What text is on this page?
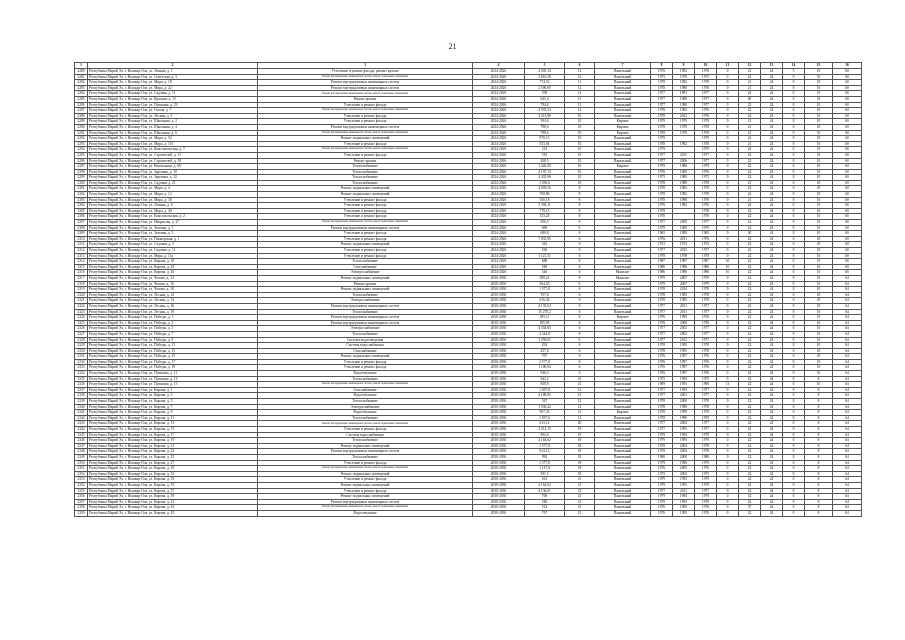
21
1	2	3	4	5	6	7	8	9	10	11	12	13	14	15	16
2280	Республика Марий Эл, г. Йошкар-Ола, ул. Ленина, д. 1	Утепление и ремонт фасада, ремонт кровли	2024-2026	4 005,14	12	Панельный	1976	1982	1976	0	22	24	5	10	60
2281	Республика Марий Эл, г. Йошкар-Ола, ул. Советская, д. 3	Ремонт внутридомовых инженерных систем, ремонт подвальных помещений	2024-2026	3 616,58	12	Панельный	1975	1978	1975	0	22	24	0	10	60
2282	Республика Марий Эл, г. Йошкар-Ола, ул. Мира, д. 18	Ремонт внутридомовых инженерных систем	2024-2026	774,52	11	Панельный	1978	1982	1978	0	21	24	0	10	60
2283	Республика Марий Эл, г. Йошкар-Ола, ул. Мира, д. 22	Ремонт внутридомовых инженерных систем	2024-2026	2 500,00	12	Панельный	1978	1980	1978	0	21	24	0	10	60
2284	Республика Марий Эл, г. Йошкар-Ола, ул. Садовая, д. 11	Ремонт внутридомовых инженерных систем, ремонт подвальных помещений	2024-2026	558	12	Панельный	1977	1981	1977	0	22	24	0	10	60
2285	Республика Марий Эл, г. Йошкар-Ола, ул. Красная, д. 15	Ремонт кровли	2024-2026	645,4	11	Панельный	1977	1980	1977	0	40	24	0	10	60
2286	Республика Марий Эл, г. Йошкар-Ола, ул. Пушкина, д. 23	Утепление и ремонт фасада	2024-2026	794,6	11	Панельный	1977	1980	1977	0	22	24	0	10	60
2287	Республика Марий Эл, г. Йошкар-Ола, ул. Гоголя, д. 7	Ремонт внутридомовых инженерных систем, ремонт подвальных помещений	2024-2026	4 935,54	12	Панельный	1976	1982	1976	0	22	24	0	10	60
2288	Республика Марий Эл, г. Йошкар-Ола, ул. Лесная, д. 5	Утепление и ремонт фасада	2024-2026	3 313,96	10	Панельный	1978	2012	1978	0	22	24	0	10	60
2289	Республика Марий Эл, г. Йошкар-Ола, ул. Школьная, д. 2	Утепление и ремонт фасада	2024-2026	394,6	10	Кирпич	1979	1979	1979	0	21	24	0	10	60
2290	Республика Марий Эл, г. Йошкар-Ола, ул. Школьная, д. 4	Ремонт внутридомовых инженерных систем	2024-2026	798,6	10	Кирпич	1978	1978	1978	0	21	24	0	10	60
2291	Республика Марий Эл, г. Йошкар-Ола, ул. Школьная, д. 6	Ремонт внутридомовых инженерных систем, ремонт подвальных помещений	2024-2026	798,6	10	Кирпич	1978	1978	1978	0	21	24	0	10	60
2292	Республика Марий Эл, г. Йошкар-Ола, ул. Мира, д. 52	Ремонт подвальных помещений	2024-2026	870,15	10	Панельный	1979		1979	0	22	24	0	10	60
2293	Республика Марий Эл, г. Йошкар-Ола, ул. Мира, д. 11б	Утепление и ремонт фасада	2024-2026	553,04	10	Панельный	1978	1982	1978	0	21	24	0	10	60
2294	Республика Марий Эл, г. Йошкар-Ола, ул. Комсомольская, д. 7	Ремонт внутридомовых инженерных систем, ремонт подвальных помещений	2024-2026	213	10	Панельный	1979		1979	0	22	24	0	10	60
2295	Республика Марий Эл, г. Йошкар-Ола, ул. Строителей, д. 11	Утепление и ремонт фасада	2024-2026	519	10	Панельный	1977	2015	1977	0	22	24	0	10	60
2296	Республика Марий Эл, г. Йошкар-Ола, ул. Строителей, д. 18	Ремонт кровли	2024-2026	208,5	10	Панельный	1977	2006	1977	0	22	24	0	10	60
2297	Республика Марий Эл, г. Йошкар-Ола, ул. Вокзальная, д. 69	Теплоснабжение	2024-2026	1 426,45	10	Кирпич	1979	1986	1979	0	22	24	0	10	60
2298	Республика Марий Эл, г. Йошкар-Ола, ул. Заречная, д. 10	Теплоснабжение	2024-2026	4 197,13	10	Панельный	1976	1985	1976	0	22	24	0	10	60
2299	Республика Марий Эл, г. Йошкар-Ола, ул. Заречная, д. 12	Теплоснабжение	2024-2026	4 435,96	10	Панельный	1975	1985	1975	0	22	24	0	10	60
2300	Республика Марий Эл, г. Йошкар-Ола, ул. Садовая, д. 21	Теплоснабжение	2024-2026	1 056,6	10	Панельный	1978	1988	1978	0	21	24	0	10	60
2301	Республика Марий Эл, г. Йошкар-Ола, ул. Мира, д. 4	Ремонт подвальных помещений	2024-2026	4 003,56	8	Панельный	1978	1982	1978	0	22	24	0	10	60
2302	Республика Марий Эл, г. Йошкар-Ола, ул. Мира, д. 12	Ремонт подвальных помещений	2024-2026	700,86	8	Панельный	1978	1982	1978	0	22	24	0	10	60
2303	Республика Марий Эл, г. Йошкар-Ола, ул. Мира, д. 30	Утепление и ремонт фасада	2024-2026	530,18	8	Панельный	1978	1990	1978	0	21	24	0	10	60
2304	Республика Марий Эл, г. Йошкар-Ола, ул. Ленина, д. 6	Утепление и ремонт фасада	2024-2026	3 394,11	8	Панельный	1976	1982	1976	0	22	24	0	10	60
2305	Республика Марий Эл, г. Йошкар-Ола, ул. Мира, д. 40	Утепление и ремонт фасада	2024-2026	778,15	8	Панельный	1978		1978	0	22	24	0	10	60
2306	Республика Марий Эл, г. Йошкар-Ола, ул. Комсомольская, д. 2	Утепление и ремонт фасада	2024-2026	533,25	8	Панельный	1978		1978	0	22	24	0	10	60
2307	Республика Марий Эл, г. Йошкар-Ола, ул. Некрасова, д. 27	Ремонт внутридомовых инженерных систем, ремонт подвальных помещений	2024-2026	556,5	6	Панельный	1977	2009	1977	0	22	24	0	10	60
2308	Республика Марий Эл, г. Йошкар-Ола, ул. Зеленая, д. 1	Ремонт внутридомовых инженерных систем	2024-2026	690	6	Панельный	1979	1985	1979	0	22	24	0	10	60
2309	Республика Марий Эл, г. Йошкар-Ола, ул. Зеленая, д. 3	Утепление и ремонт фасада	2024-2026	680,8	6	Панельный	1965	1985	1965	0	40	24	0	10	60
2310	Республика Марий Эл, г. Йошкар-Ола, ул. Пионерская, д. 1	Утепление и ремонт фасада	2024-2026	7 033,95	6	Панельный	1976	2011	1976	0	22	24	0	10	60
2311	Республика Марий Эл, г. Йошкар-Ола, ул. Садовая, д. 5	Ремонт подвальных помещений	2024-2026	543	6	Панельный	1972	1972	1972	0	22	24	0	10	60
2312	Республика Марий Эл, г. Йошкар-Ола, ул. Садовая, д. 11	Утепление и ремонт фасада	2024-2026	536	6	Панельный	1977	2015	1977	0	22	24	0	10	60
2313	Республика Марий Эл, г. Йошкар-Ола, ул. Мира, д. 11а	Утепление и ремонт фасада	2024-2026	1 121,31	6	Панельный	1978	1978	1978	0	22	24	0	10	60
2314	Республика Марий Эл, г. Йошкар-Ола, ул. Кирова, д. 20	Теплоснабжение	2024-2026	688	6	Панельный	1987	1987	1987	10	22	24	0	10	60
2315	Республика Марий Эл, г. Йошкар-Ола, ул. Кирова, д. 24	Газоснабжение	2024-2026	548	6	Панельный	1986	1986	1986	10	22	24	0	10	60
2316	Республика Марий Эл, г. Йошкар-Ола, ул. Кирова, д. 26	Электроснабжение	2024-2026	546	6	Монолит	1986	1986	1986	10	22	24	0	10	60
2317	Республика Марий Эл, г. Йошкар-Ола, ул. Чехова, д. 14	Ремонт подвальных помещений	2030-2030	589,21	6	Монолит	1979	2007	1979	0	22	24	0	10	64
2318	Республика Марий Эл, г. Йошкар-Ола, ул. Чехова, д. 16	Ремонт кровли	2030-2030	564,55	6	Панельный	1979	2007	1979	0	22	24	0	10	64
2319	Республика Марий Эл, г. Йошкар-Ола, ул. Чехова, д. 18	Ремонт подвальных помещений	2030-2030	1 577,8	6	Панельный	1978	2014	1978	0	22	24	0	10	64
2320	Республика Марий Эл, г. Йошкар-Ола, ул. Лесная, д. 12	Теплоснабжение	2030-2030	707,6	6	Панельный	1978	1985	1978	0	22	24	0	10	64
2321	Республика Марий Эл, г. Йошкар-Ола, ул. Лесная, д. 14	Электроснабжение	2030-2030	616,42	6	Панельный	1978	1985	1978	0	22	24	0	10	64
2322	Республика Марий Эл, г. Йошкар-Ола, ул. Лесная, д. 16	Ремонт внутридомовых инженерных систем	2030-2030	4 135,63	6	Панельный	1977	2011	1977	0	22	24	0	10	64
2323	Республика Марий Эл, г. Йошкар-Ола, ул. Лесная, д. 18	Теплоснабжение	2030-2030	15 278,2	6	Панельный	1977	2011	1977	0	22	24	0	10	64
2324	Республика Марий Эл, г. Йошкар-Ола, ул. Победы, д. 1	Ремонт внутридомовых инженерных систем	2030-2030	395,11	6	Кирпич	1976	1995	1976	0	22	24	0	10	64
2325	Республика Марий Эл, г. Йошкар-Ола, ул. Победы, д. 3	Ремонт внутридомовых инженерных систем	2030-2030	185,95	6	Панельный	1976	2000	1976	0	22	24	0	10	64
2326	Республика Марий Эл, г. Йошкар-Ола, ул. Победы, д. 5	Электроснабжение	2030-2030	4 334,83	6	Панельный	1977	2002	1977	0	22	24	0	10	64
2327	Республика Марий Эл, г. Йошкар-Ола, ул. Победы, д. 7	Теплоснабжение	2030-2030	4 344,8	6	Панельный	1977	2002	1977	0	22	24	0	10	64
2328	Республика Марий Эл, г. Йошкар-Ола, ул. Победы, д. 9	Система водоотведения	2030-2030	1 558,01	6	Панельный	1977	2012	1977	0	22	24	0	10	64
2329	Республика Марий Эл, г. Йошкар-Ола, ул. Победы, д. 11	Система водоснабжения	2030-2030	292	6	Панельный	1978	1995	1978	0	22	24	0	10	64
2330	Республика Марий Эл, г. Йошкар-Ола, ул. Победы, д. 13	Газоснабжение	2030-2030	257,8	6	Панельный	1978	1995	1978	0	22	24	0	10	64
2331	Республика Марий Эл, г. Йошкар-Ола, ул. Победы, д. 15	Ремонт подвальных помещений	2030-2030	797	6	Панельный	1976	1997	1976	0	22	24	0	10	64
2332	Республика Марий Эл, г. Йошкар-Ола, ул. Победы, д. 17	Утепление и ремонт фасада	2030-2030	2 577,8	6	Панельный	1976	1997	1976	0	22	24	0	10	64
2333	Республика Марий Эл, г. Йошкар-Ола, ул. Победы, д. 19	Утепление и ремонт фасада	2030-2030	1 100,84	6	Панельный	1976	1997	1976	0	22	24	0	10	64
2334	Республика Марий Эл, г. Йошкар-Ола, ул. Пушкина, д. 11	Водоотведение	2030-2030	946,2	6	Панельный	1976	1997	1976	0	22	24	0	10	64
2335	Республика Марий Эл, г. Йошкар-Ола, ул. Пушкина, д. 13	Теплоснабжение	2030-2030	942,2	10	Панельный	1975	1993	1975	0	22	24	0	8	64
2336	Республика Марий Эл, г. Йошкар-Ола, ул. Пушкина, д. 15	Ремонт внутридомовых инженерных систем, ремонт подвальных помещений	2030-2030	838,8	21	Панельный	1969	1991	1969	13	22	24	0	10	64
2337	Республика Марий Эл, г. Йошкар-Ола, ул. Кирова, д. 1	Газоснабжение	2030-2030	1 507,8	12	Панельный	1977	1993	1977	0	22	24	0	8	64
2338	Республика Марий Эл, г. Йошкар-Ола, ул. Кирова, д. 3	Водоотведение	2030-2030	4 188,85	12	Панельный	1977	2001	1977	0	22	24	0	8	64
2339	Республика Марий Эл, г. Йошкар-Ола, ул. Кирова, д. 5	Теплоснабжение	2030-2030	547	12	Панельный	1978	2000	1978	0	22	24	0	8	64
2340	Республика Марий Эл, г. Йошкар-Ола, ул. Кирова, д. 7	Электроснабжение	2030-2030	1 536,42	12	Панельный	1978	1998	1978	0	22	24	0	8	64
2341	Республика Марий Эл, г. Йошкар-Ола, ул. Кирова, д. 9	Водоотведение	2030-2030	907,33	12	Кирпич	1978	1999	1978	0	22	24	0	8	64
2342	Республика Марий Эл, г. Йошкар-Ола, ул. Кирова, д. 11	Теплоснабжение	2030-2030	1 837,6	12	Панельный	1978	1999	1978	0	22	24	0	8	64
2343	Республика Марий Эл, г. Йошкар-Ола, ул. Кирова, д. 13	Ремонт внутридомовых инженерных систем, ремонт подвальных помещений	2030-2030	613,12	20	Панельный	1977	2002	1977	0	22	24	0	8	64
2344	Республика Марий Эл, г. Йошкар-Ола, ул. Кирова, д. 15	Утепление и ремонт фасада	2030-2030	2 212,15	19	Панельный	1977	1993	1977	0	22	24	0	8	64
2345	Республика Марий Эл, г. Йошкар-Ола, ул. Кирова, д. 17	Система водоснабжения	2030-2030	902,6	19	Панельный	1979	1993	1979	0	22	24	0	8	64
2346	Республика Марий Эл, г. Йошкар-Ола, ул. Кирова, д. 19	Теплоснабжение	2030-2030	4 164,62	18	Панельный	1979	1993	1979	0	22	24	0	8	64
2347	Республика Марий Эл, г. Йошкар-Ола, ул. Кирова, д. 21	Ремонт подвальных помещений	2030-2030	1 577,8	18	Панельный	1978	2004	1978	0	22	24	0	8	64
2348	Республика Марий Эл, г. Йошкар-Ола, ул. Кирова, д. 23	Ремонт внутридомовых инженерных систем	2030-2030	613,12	18	Панельный	1978	2004	1978	0	22	24	0	8	64
2349	Республика Марий Эл, г. Йошкар-Ола, ул. Кирова, д. 25	Теплоснабжение	2030-2030	992	18	Панельный	1980	2000	1980	0	22	24	0	8	64
2350	Республика Марий Эл, г. Йошкар-Ола, ул. Кирова, д. 27	Утепление и ремонт фасада	2030-2030	1 577,8	18	Панельный	1979	1996	1979	0	22	24	0	8	64
2351	Республика Марий Эл, г. Йошкар-Ола, ул. Кирова, д. 29	Ремонт внутридомовых инженерных систем, ремонт подвальных помещений	2030-2030	1 147,8	18	Панельный	1976	2005	1976	0	22	24	0	8	64
2352	Республика Марий Эл, г. Йошкар-Ола, ул. Кирова, д. 31	Ремонт подвальных помещений	2030-2030	591,5	18	Панельный	1975	2003	1975	0	22	24	0	8	64
2353	Республика Марий Эл, г. Йошкар-Ола, ул. Кирова, д. 33	Утепление и ремонт фасада	2030-2030	261	21	Панельный	1979	1993	1979	0	22	24	0	8	64
2354	Республика Марий Эл, г. Йошкар-Ола, ул. Кирова, д. 35	Ремонт подвальных помещений	2030-2030	4 164,62	21	Панельный	1979	1993	1979	0	22	24	0	8	64
2355	Республика Марий Эл, г. Йошкар-Ола, ул. Кирова, д. 37	Утепление и ремонт фасада	2030-2030	4 136,01	21	Панельный	1977	2011	1977	0	22	24	0	8	64
2356	Республика Марий Эл, г. Йошкар-Ола, ул. Кирова, д. 39	Ремонт подвальных помещений	2030-2030	706	21	Панельный	1979	1994	1979	0	32	24	0	8	64
2357	Республика Марий Эл, г. Йошкар-Ола, ул. Кирова, д. 41	Ремонт внутридомовых инженерных систем	2030-2030	546	21	Панельный	1979	1993	1979	0	22	24	0	8	64
2358	Республика Марий Эл, г. Йошкар-Ола, ул. Кирова, д. 43	Ремонт внутридомовых инженерных систем, ремонт подвальных помещений	2030-2030	512	21	Панельный	1976	1995	1976	0	37	24	0	8	64
2359	Республика Марий Эл, г. Йошкар-Ола, ул. Кирова, д. 45	Водоотведение	2030-2030	767	21	Панельный	1976	1995	1976	0	22	24	0	8	64
